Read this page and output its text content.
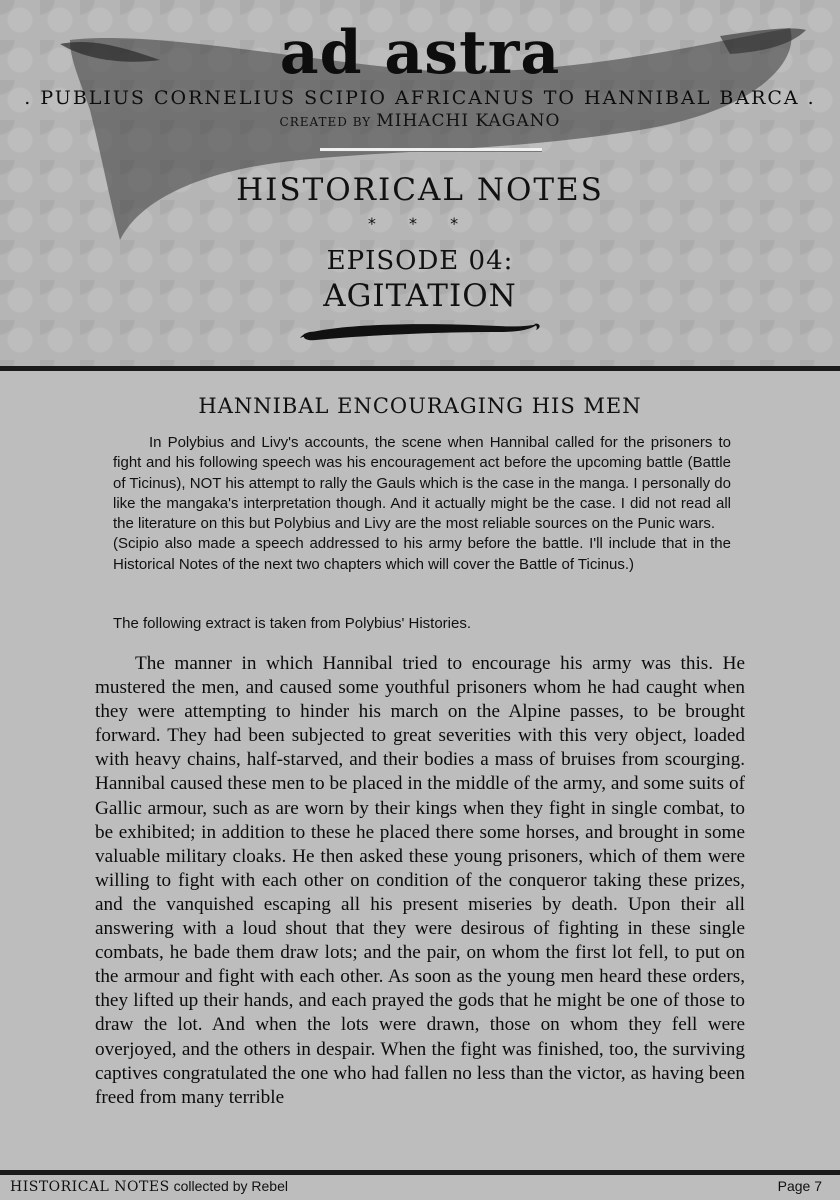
ad astra
. PUBLIUS CORNELIUS SCIPIO AFRICANUS TO HANNIBAL BARCA .
CREATED BY MIHACHI KAGANO
HISTORICAL NOTES
* * *
EPISODE 04:
AGITATION
HANNIBAL ENCOURAGING HIS MEN

In Polybius and Livy's accounts, the scene when Hannibal called for the prisoners to fight and his following speech was his encouragement act before the upcoming battle (Battle of Ticinus), NOT his attempt to rally the Gauls which is the case in the manga. I personally do like the mangaka's interpretation though. And it actually might be the case. I did not read all the literature on this but Polybius and Livy are the most reliable sources on the Punic wars.

(Scipio also made a speech addressed to his army before the battle. I'll include that in the Historical Notes of the next two chapters which will cover the Battle of Ticinus.)

The following extract is taken from Polybius' Histories.

The manner in which Hannibal tried to encourage his army was this. He mustered the men, and caused some youthful prisoners whom he had caught when they were attempting to hinder his march on the Alpine passes, to be brought forward. They had been subjected to great severities with this very object, loaded with heavy chains, half-starved, and their bodies a mass of bruises from scourging. Hannibal caused these men to be placed in the middle of the army, and some suits of Gallic armour, such as are worn by their kings when they fight in single combat, to be exhibited; in addition to these he placed there some horses, and brought in some valuable military cloaks. He then asked these young prisoners, which of them were willing to fight with each other on condition of the conqueror taking these prizes, and the vanquished escaping all his present miseries by death. Upon their all answering with a loud shout that they were desirous of fighting in these single combats, he bade them draw lots; and the pair, on whom the first lot fell, to put on the armour and fight with each other. As soon as the young men heard these orders, they lifted up their hands, and each prayed the gods that he might be one of those to draw the lot. And when the lots were drawn, those on whom they fell were overjoyed, and the others in despair. When the fight was finished, too, the surviving captives congratulated the one who had fallen no less than the victor, as having been freed from many terrible

HISTORICAL NOTES collected by Rebel	Page 7
